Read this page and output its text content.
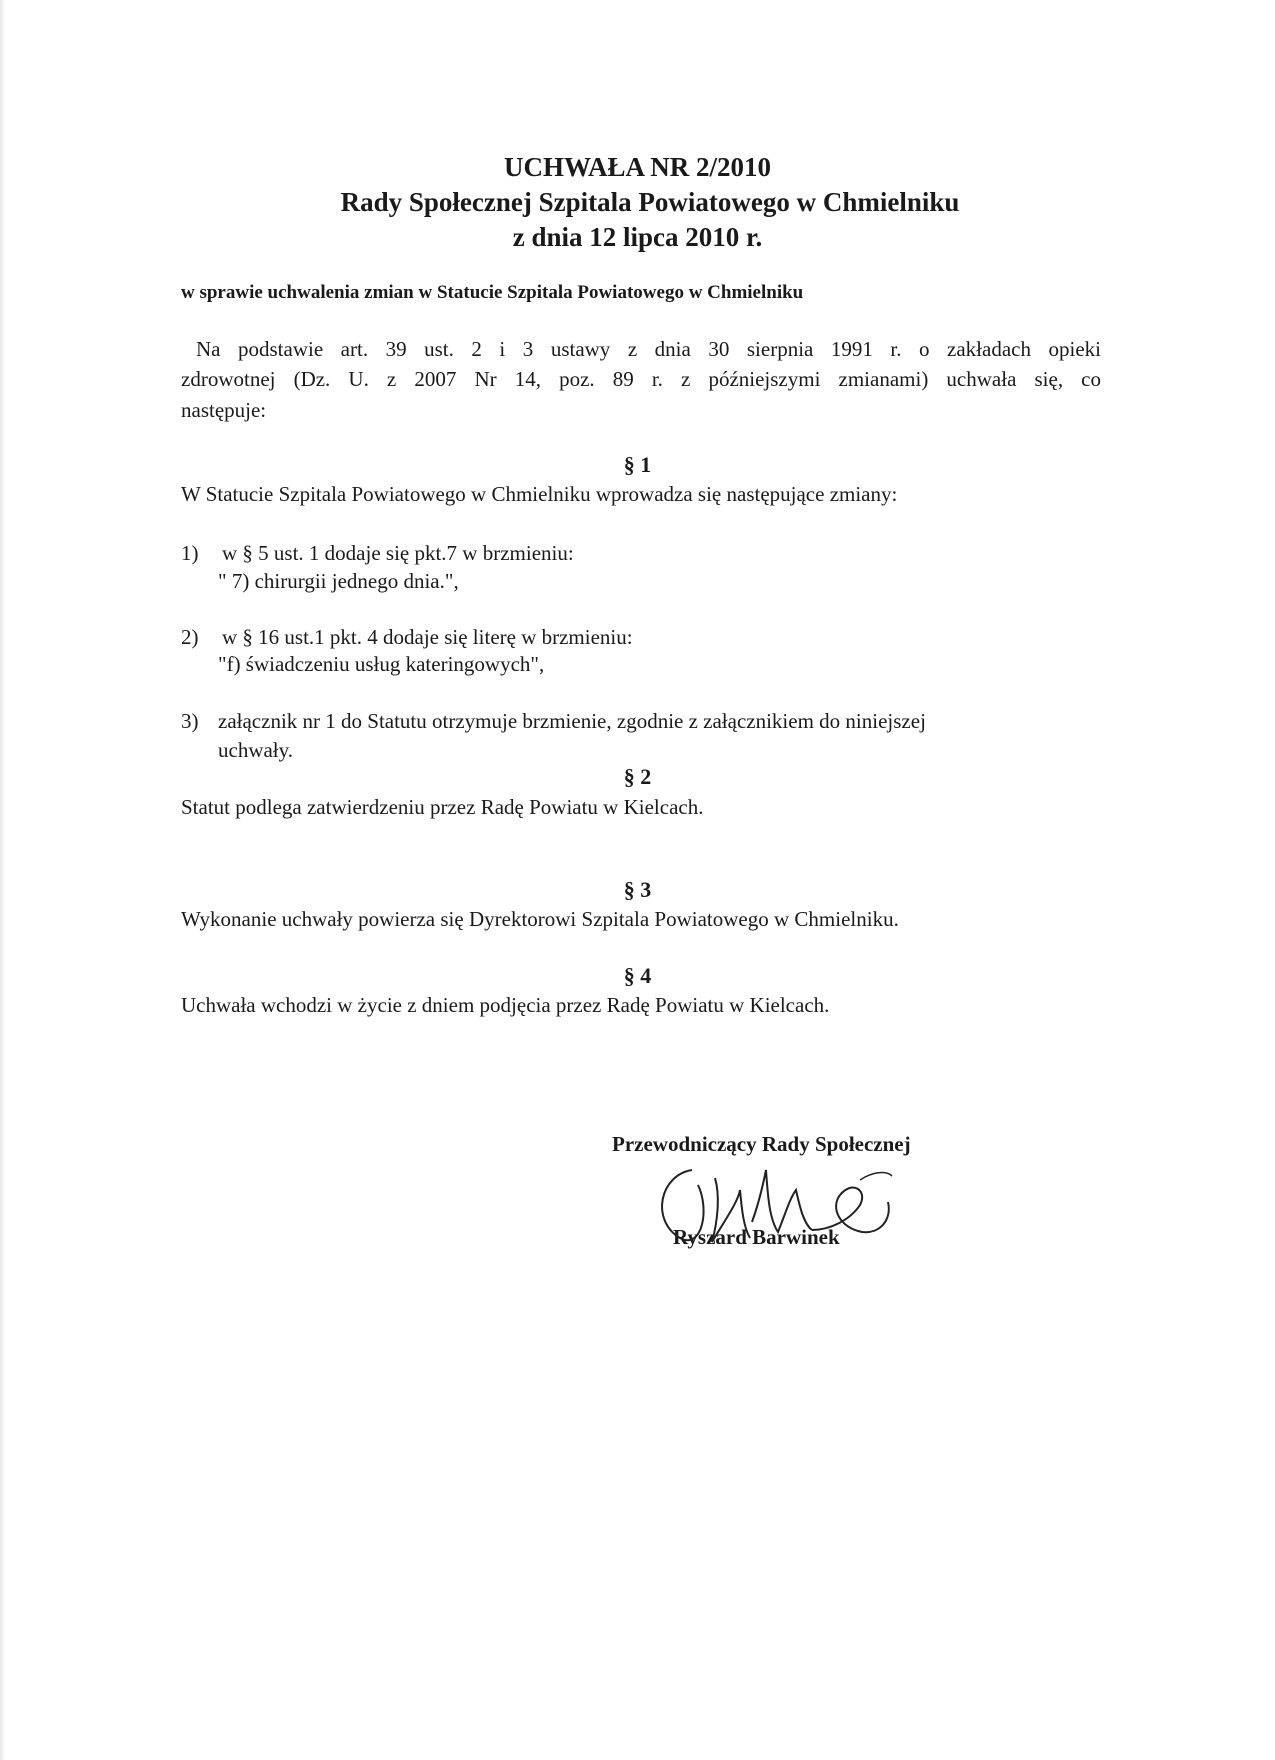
UCHWAŁA NR 2/2010
Rady Społecznej Szpitala Powiatowego w Chmielniku
z dnia 12 lipca 2010 r.
w sprawie uchwalenia zmian w Statucie Szpitala Powiatowego w Chmielniku
Na podstawie art. 39 ust. 2 i 3 ustawy z dnia 30 sierpnia 1991 r. o zakładach opieki
zdrowotnej (Dz. U. z 2007 Nr 14, poz. 89 r. z późniejszymi zmianami) uchwała się, co
następuje:
§ 1
W Statucie Szpitala Powiatowego w Chmielniku wprowadza się następujące zmiany:
1) w § 5 ust. 1 dodaje się pkt.7 w brzmieniu:
" 7) chirurgii jednego dnia.",
2) w § 16 ust.1 pkt. 4 dodaje się literę w brzmieniu:
"f) świadczeniu usług kateringowych",
3) załącznik nr 1 do Statutu otrzymuje brzmienie, zgodnie z załącznikiem do niniejszej
uchwały.
§ 2
Statut podlega zatwierdzeniu przez Radę Powiatu w Kielcach.
§ 3
Wykonanie uchwały powierza się Dyrektorowi Szpitala Powiatowego w Chmielniku.
§ 4
Uchwała wchodzi w życie z dniem podjęcia przez Radę Powiatu w Kielcach.
Przewodniczący Rady Społecznej
Ryszard Barwinek
